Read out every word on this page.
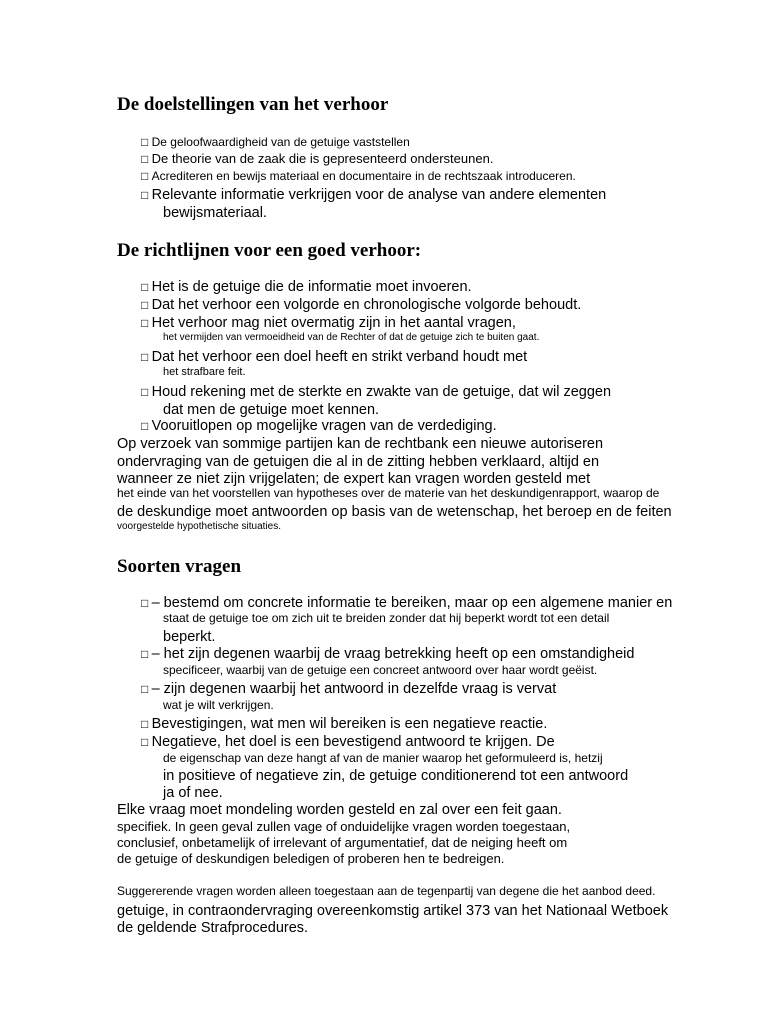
De doelstellingen van het verhoor
□ De geloofwaardigheid van de getuige vaststellen
□ De theorie van de zaak die is gepresenteerd ondersteunen.
□ Acrediteren en bewijs materiaal en documentaire in de rechtszaak introduceren.
□ Relevante informatie verkrijgen voor de analyse van andere elementen
bewijsmateriaal.
De richtlijnen voor een goed verhoor:
□ Het is de getuige die de informatie moet invoeren.
□ Dat het verhoor een volgorde en chronologische volgorde behoudt.
□ Het verhoor mag niet overmatig zijn in het aantal vragen,
het vermijden van vermoeidheid van de Rechter of dat de getuige zich te buiten gaat.
□ Dat het verhoor een doel heeft en strikt verband houdt met
het strafbare feit.
□ Houd rekening met de sterkte en zwakte van de getuige, dat wil zeggen
dat men de getuige moet kennen.
□ Vooruitlopen op mogelijke vragen van de verdediging.
Op verzoek van sommige partijen kan de rechtbank een nieuwe autoriseren
ondervraging van de getuigen die al in de zitting hebben verklaard, altijd en
wanneer ze niet zijn vrijgelaten; de expert kan vragen worden gesteld met
het einde van het voorstellen van hypotheses over de materie van het deskundigenrapport, waarop de
de deskundige moet antwoorden op basis van de wetenschap, het beroep en de feiten
voorgestelde hypothetische situaties.
Soorten vragen
□ – bestemd om concrete informatie te bereiken, maar op een algemene manier en
staat de getuige toe om zich uit te breiden zonder dat hij beperkt wordt tot een detail
beperkt.
□ – het zijn degenen waarbij de vraag betrekking heeft op een omstandigheid
specificeer, waarbij van de getuige een concreet antwoord over haar wordt geëist.
□ – zijn degenen waarbij het antwoord in dezelfde vraag is vervat
wat je wilt verkrijgen.
□ Bevestigingen, wat men wil bereiken is een negatieve reactie.
□ Negatieve, het doel is een bevestigend antwoord te krijgen. De
de eigenschap van deze hangt af van de manier waarop het geformuleerd is, hetzij
in positieve of negatieve zin, de getuige conditionerend tot een antwoord
ja of nee.
Elke vraag moet mondeling worden gesteld en zal over een feit gaan.
specifiek. In geen geval zullen vage of onduidelijke vragen worden toegestaan,
conclusief, onbetamelijk of irrelevant of argumentatief, dat de neiging heeft om
de getuige of deskundigen beledigen of proberen hen te bedreigen.
Suggererende vragen worden alleen toegestaan aan de tegenpartij van degene die het aanbod deed.
getuige, in contraondervraging overeenkomstig artikel 373 van het Nationaal Wetboek
de geldende Strafprocedures.
